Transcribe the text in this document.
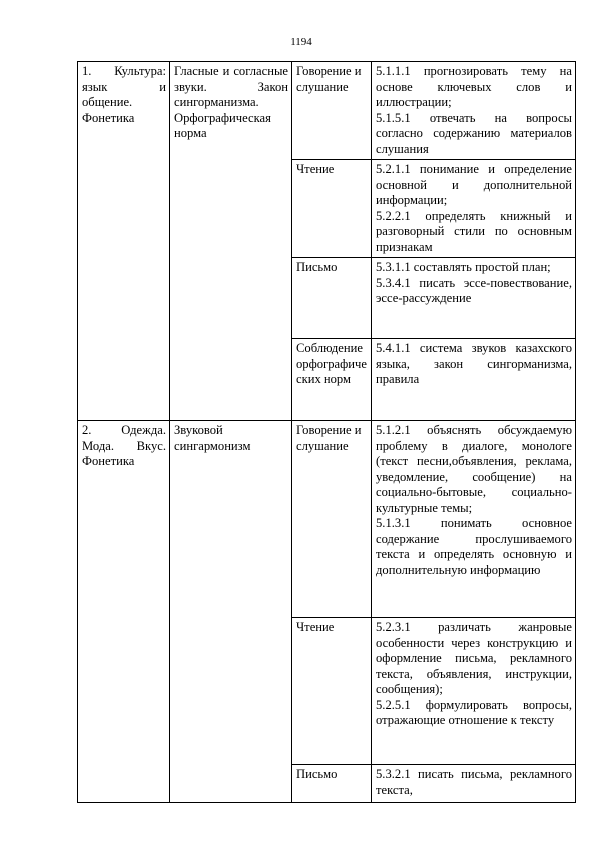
1194
1. Культура: язык и общение. Фонетика	Гласные и согласные звуки. Закон сингорманизма. Орфографическая норма	Говорение и слушание	5.1.1.1 прогнозировать тему на основе ключевых слов и иллюстрации;
5.1.5.1 отвечать на вопросы согласно содержанию материалов слушания

		Чтение	5.2.1.1 понимание и определение основной и дополнительной информации;
5.2.2.1 определять книжный и разговорный стили по основным признакам

		Письмо	5.3.1.1 составлять простой план;
5.3.4.1 писать эссе-повествование, эссе-рассуждение

		Соблюдение орфографических норм	5.4.1.1 система звуков казахского языка, закон сингорманизма, правила

2. Одежда. Мода. Вкус. Фонетика	Звуковой сингармонизм	Говорение и слушание	5.1.2.1 объяснять обсуждаемую проблему в диалоге, монологе (текст песни,объявления, реклама, уведомление, сообщение) на социально-бытовые, социально-культурные темы;
5.1.3.1 понимать основное содержание прослушиваемого текста и определять основную и дополнительную информацию

		Чтение	5.2.3.1 различать жанровые особенности через конструкцию и оформление письма, рекламного текста, объявления, инструкции, сообщения);
5.2.5.1 формулировать вопросы, отражающие отношение к тексту

		Письмо	5.3.2.1 писать письма, рекламного текста,
